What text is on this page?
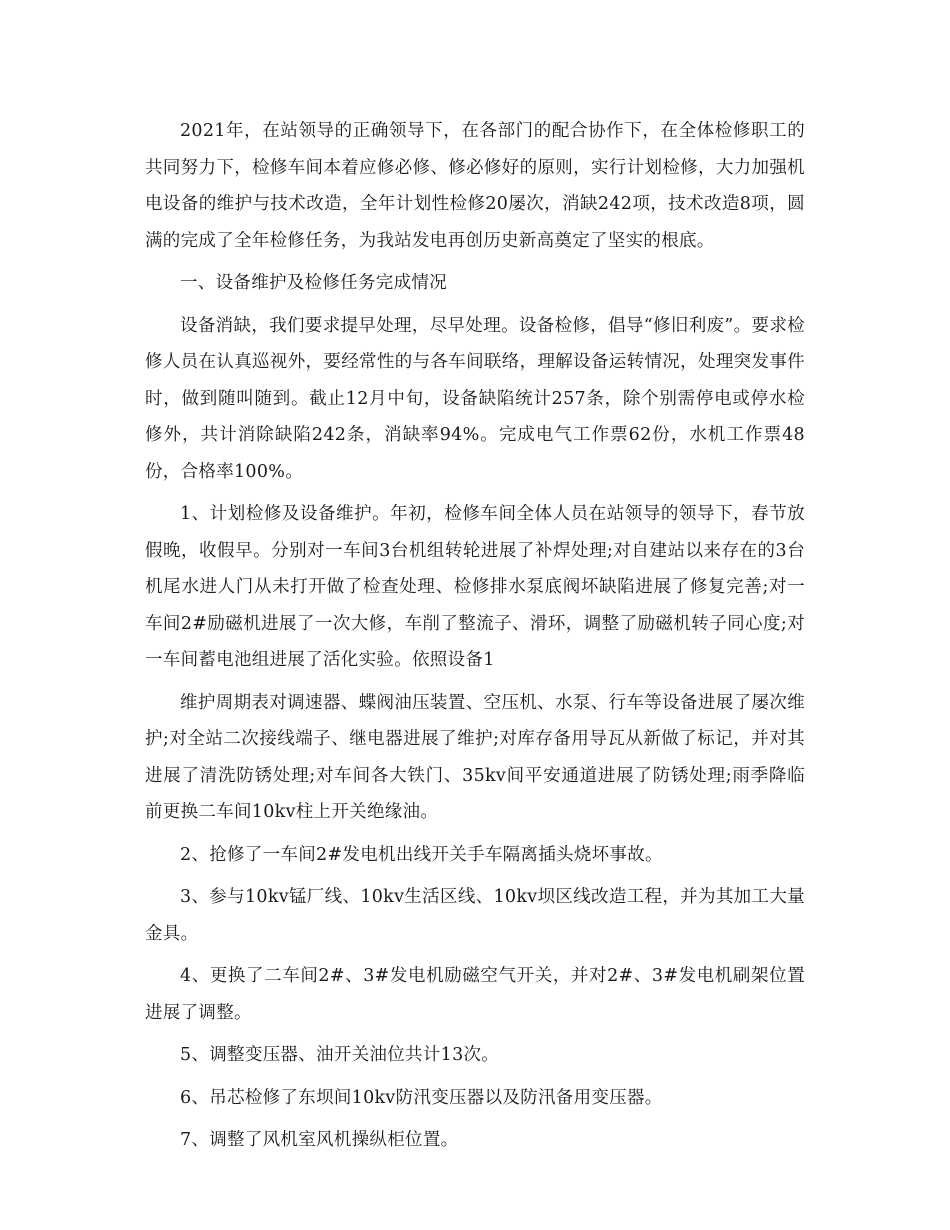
2021年，在站领导的正确领导下，在各部门的配合协作下，在全体检修职工的共同努力下，检修车间本着应修必修、修必修好的原则，实行计划检修，大力加强机电设备的维护与技术改造，全年计划性检修20屡次，消缺242项，技术改造8项，圆满的完成了全年检修任务，为我站发电再创历史新高奠定了坚实的根底。

一、设备维护及检修任务完成情况

设备消缺，我们要求提早处理，尽早处理。设备检修，倡导“修旧利废”。要求检修人员在认真巡视外，要经常性的与各车间联络，理解设备运转情况，处理突发事件时，做到随叫随到。截止12月中旬，设备缺陷统计257条，除个别需停电或停水检修外，共计消除缺陷242条，消缺率94%。完成电气工作票62份，水机工作票48份，合格率100%。

1、计划检修及设备维护。年初，检修车间全体人员在站领导的领导下，春节放假晚，收假早。分别对一车间3台机组转轮进展了补焊处理;对自建站以来存在的3台机尾水进人门从未打开做了检查处理、检修排水泵底阀坏缺陷进展了修复完善;对一车间2#励磁机进展了一次大修，车削了整流子、滑环，调整了励磁机转子同心度;对一车间蓄电池组进展了活化实验。依照设备1

维护周期表对调速器、蝶阀油压装置、空压机、水泵、行车等设备进展了屡次维护;对全站二次接线端子、继电器进展了维护;对库存备用导瓦从新做了标记，并对其进展了清洗防锈处理;对车间各大铁门、35kv间平安通道进展了防锈处理;雨季降临前更换二车间10kv柱上开关绝缘油。

2、抢修了一车间2#发电机出线开关手车隔离插头烧坏事故。

3、参与10kv锰厂线、10kv生活区线、10kv坝区线改造工程，并为其加工大量金具。

4、更换了二车间2#、3#发电机励磁空气开关，并对2#、3#发电机刷架位置进展了调整。

5、调整变压器、油开关油位共计13次。

6、吊芯检修了东坝间10kv防汛变压器以及防汛备用变压器。

7、调整了风机室风机操纵柜位置。
